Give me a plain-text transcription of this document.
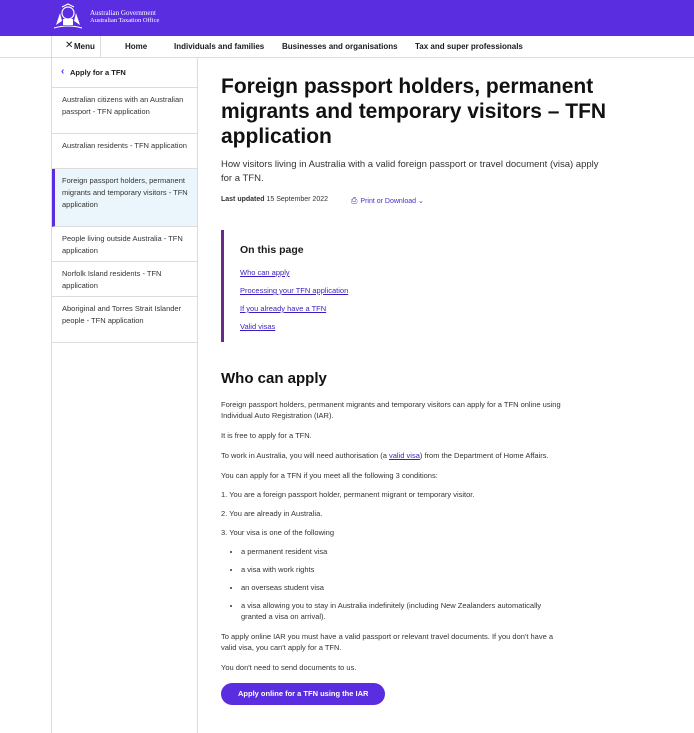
Australian Government
Australian Taxation Office
✕ Menu	Home	Individuals and families Businesses and organisations Tax and super professionals
‹ Apply for a TFN
Australian citizens with an Australian passport - TFN application
Australian residents - TFN application
Foreign passport holders, permanent migrants and temporary visitors - TFN application
People living outside Australia - TFN application
Norfolk Island residents - TFN application
Aboriginal and Torres Strait Islander people - TFN application
Foreign passport holders, permanent migrants and temporary visitors – TFN application
How visitors living in Australia with a valid foreign passport or travel document (visa) apply for a TFN.
Last updated 15 September 2022	⎙ Print or Download ⌄
On this page
Who can apply
Processing your TFN application
If you already have a TFN
Valid visas
Who can apply

Foreign passport holders, permanent migrants and temporary visitors can apply for a TFN online using Individual Auto Registration (IAR).

It is free to apply for a TFN.

To work in Australia, you will need authorisation (a valid visa) from the Department of Home Affairs.

You can apply for a TFN if you meet all the following 3 conditions:

1. You are a foreign passport holder, permanent migrant or temporary visitor.
2. You are already in Australia.
3. Your visa is one of the following
• a permanent resident visa
• a visa with work rights
• an overseas student visa
• a visa allowing you to stay in Australia indefinitely (including New Zealanders automatically granted a visa on arrival).

To apply online IAR you must have a valid passport or relevant travel documents. If you don't have a valid visa, you can't apply for a TFN.

You don't need to send documents to us.

Apply online for a TFN using the IAR
